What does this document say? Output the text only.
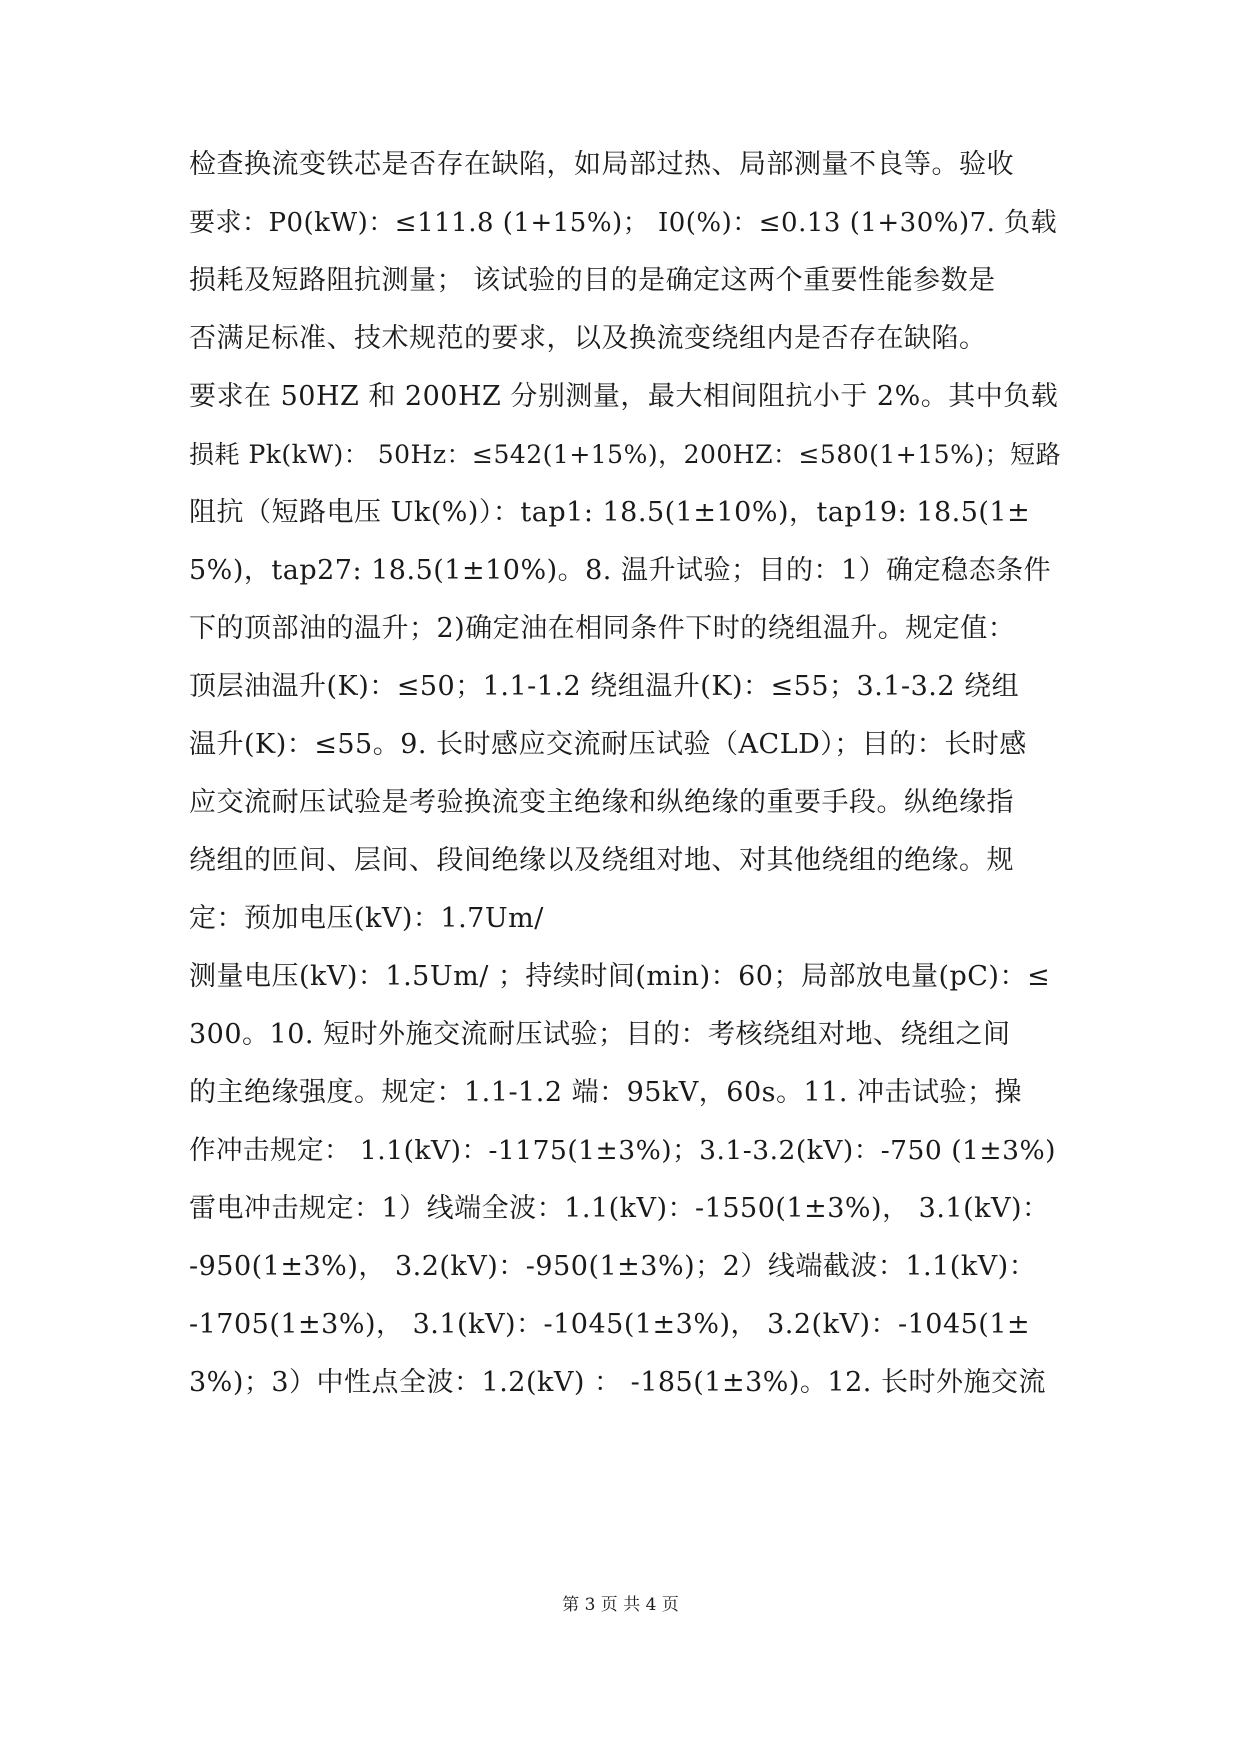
检查换流变铁芯是否存在缺陷，如局部过热、局部测量不良等。验收
要求：P0(kW)：≤111.8 (1+15%)； I0(%)：≤0.13 (1+30%)7. 负载
损耗及短路阻抗测量； 该试验的目的是确定这两个重要性能参数是
否满足标准、技术规范的要求，以及换流变绕组内是否存在缺陷。
要求在 50HZ 和 200HZ 分别测量，最大相间阻抗小于 2%。其中负载
损耗 Pk(kW)： 50Hz：≤542(1+15%)，200HZ：≤580(1+15%)；短路
阻抗（短路电压 Uk(%)）：tap1: 18.5(1±10%)，tap19: 18.5(1±
5%)，tap27: 18.5(1±10%)。8. 温升试验；目的：1）确定稳态条件
下的顶部油的温升；2)确定油在相同条件下时的绕组温升。规定值：
顶层油温升(K)：≤50；1.1-1.2 绕组温升(K)：≤55；3.1-3.2 绕组
温升(K)：≤55。9. 长时感应交流耐压试验（ACLD）；目的：长时感
应交流耐压试验是考验换流变主绝缘和纵绝缘的重要手段。纵绝缘指
绕组的匝间、层间、段间绝缘以及绕组对地、对其他绕组的绝缘。规
定：预加电压(kV)：1.7Um/
测量电压(kV)：1.5Um/ ；持续时间(min)：60；局部放电量(pC)：≤
300。10. 短时外施交流耐压试验；目的：考核绕组对地、绕组之间
的主绝缘强度。规定：1.1-1.2 端：95kV，60s。11. 冲击试验；操
作冲击规定： 1.1(kV)：-1175(1±3%)；3.1-3.2(kV)：-750 (1±3%)
雷电冲击规定：1）线端全波：1.1(kV)：-1550(1±3%)， 3.1(kV)：
-950(1±3%)， 3.2(kV)：-950(1±3%)；2）线端截波：1.1(kV)：
-1705(1±3%)， 3.1(kV)：-1045(1±3%)， 3.2(kV)：-1045(1±
3%)；3）中性点全波：1.2(kV) ： -185(1±3%)。12. 长时外施交流
第 3 页 共 4 页
